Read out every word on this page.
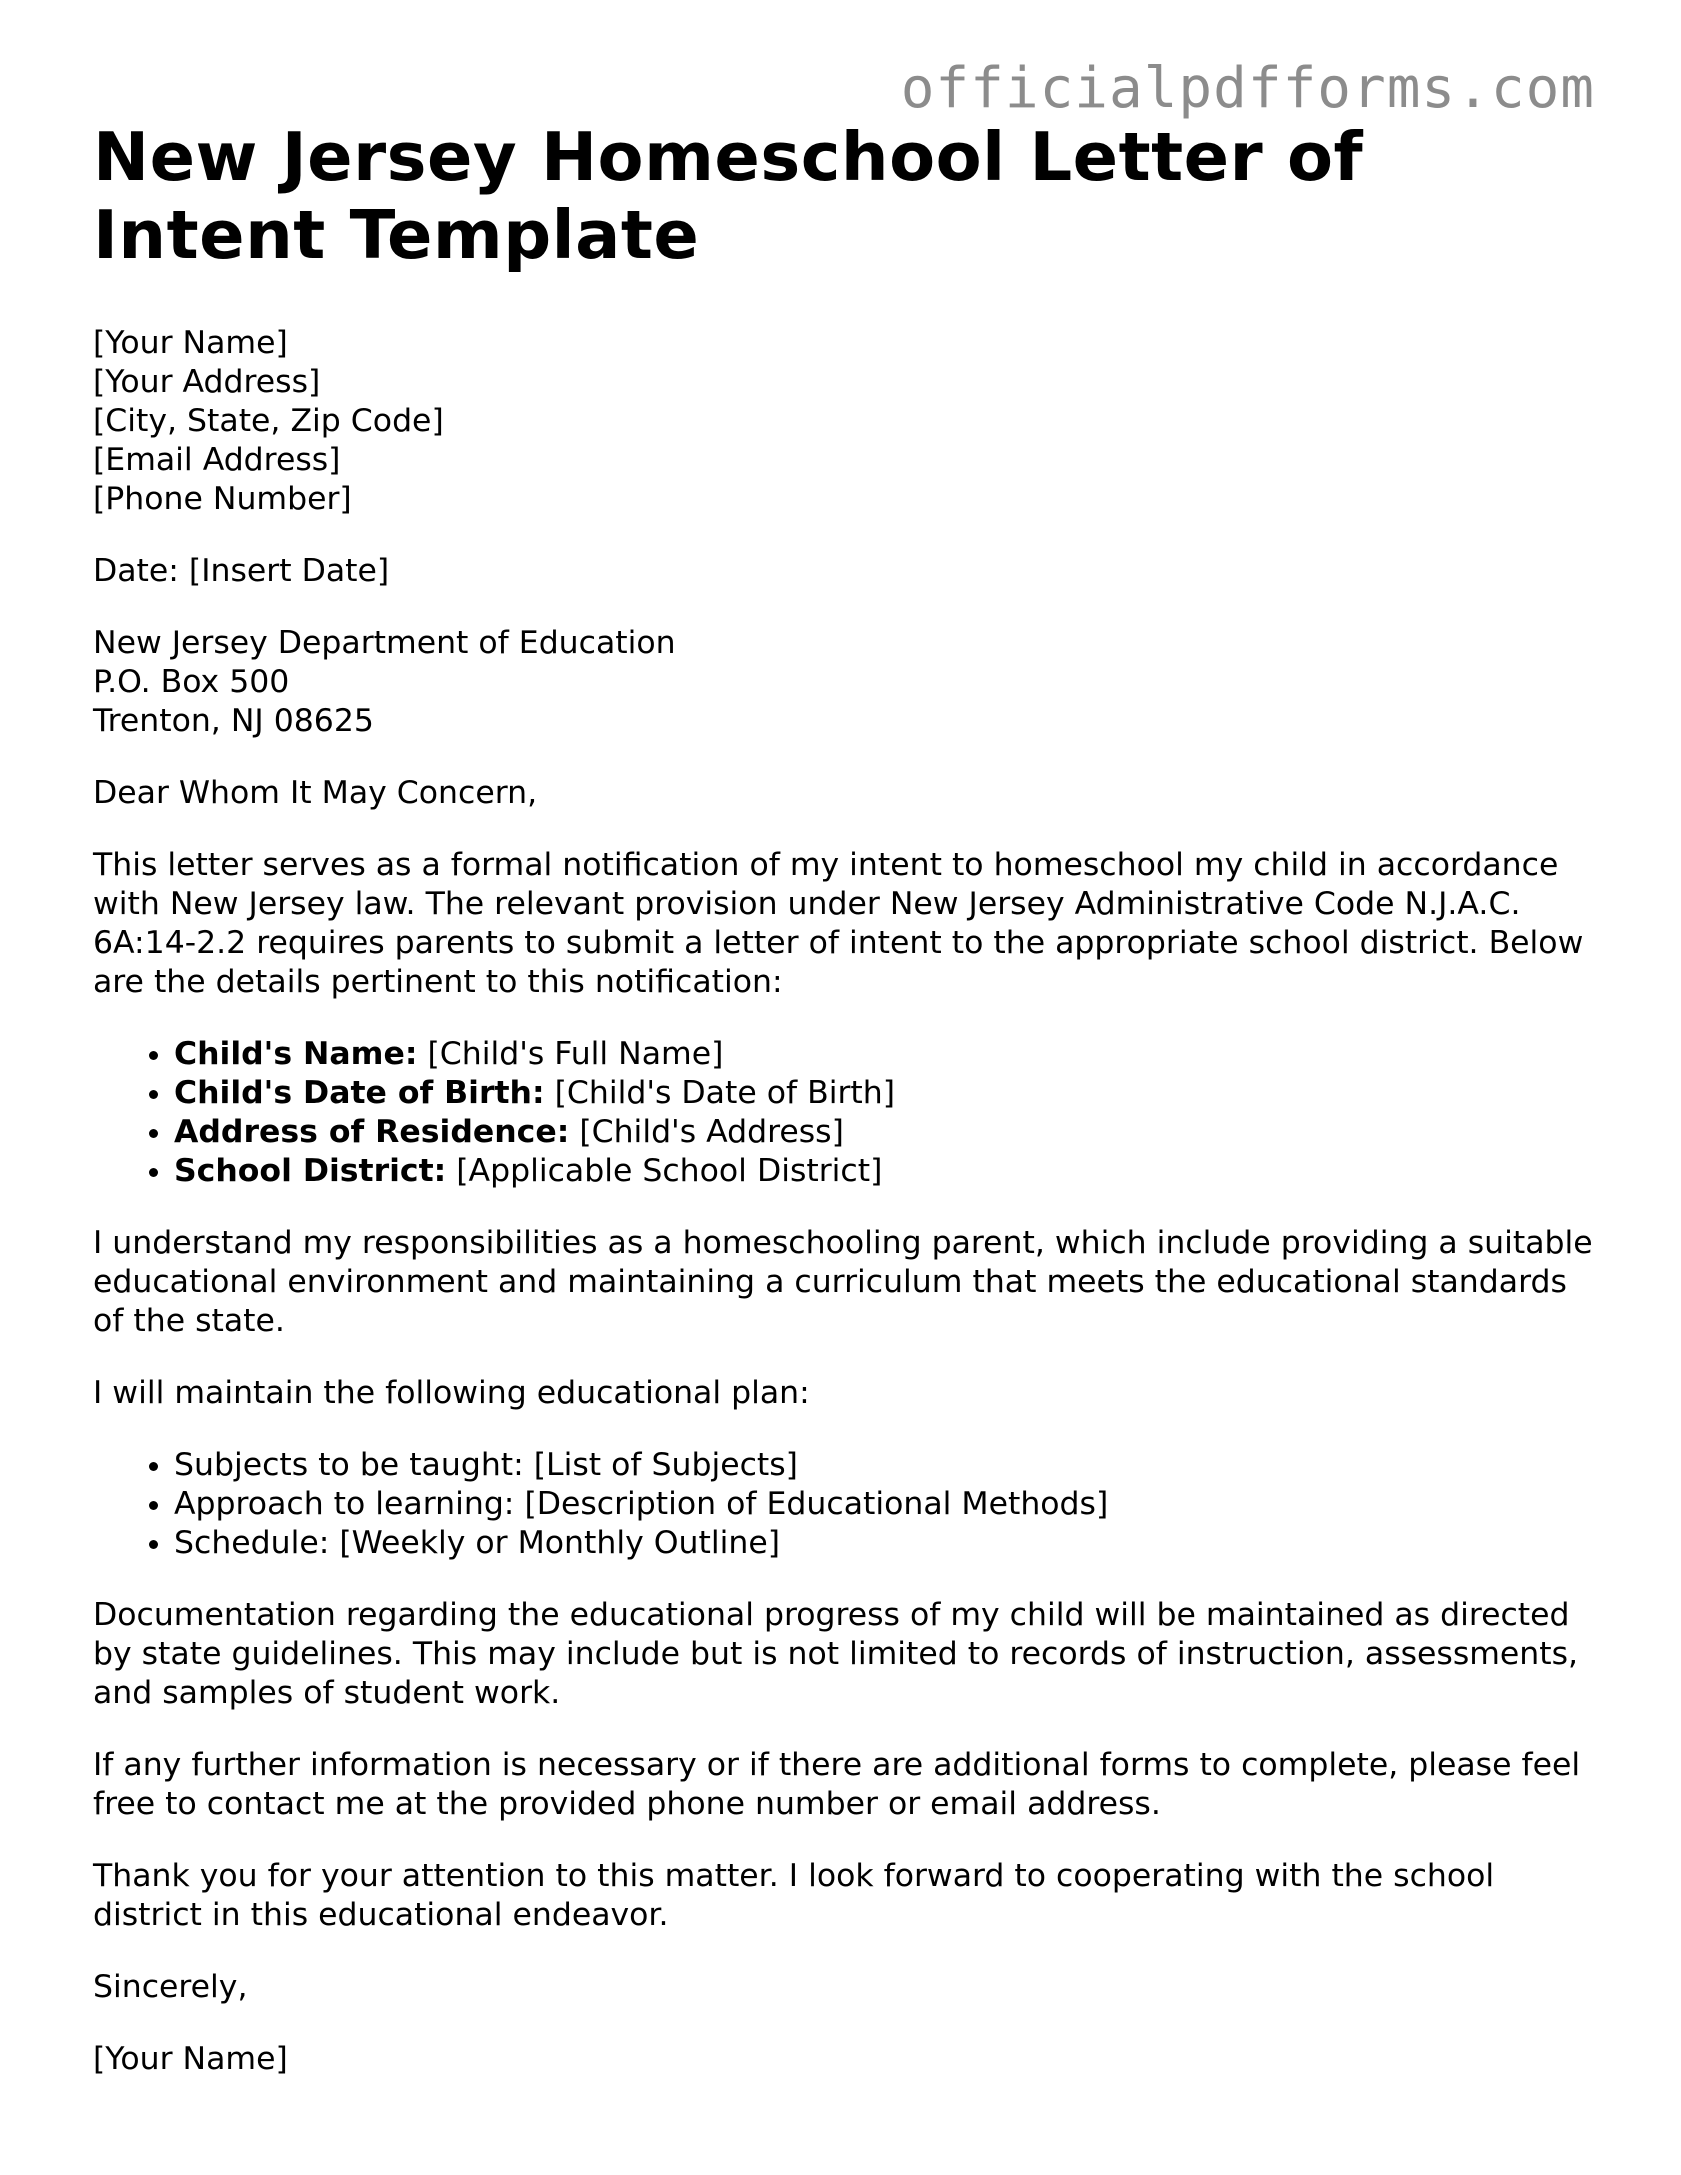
officialpdfforms.com
New Jersey Homeschool Letter of Intent Template
[Your Name]
[Your Address]
[City, State, Zip Code]
[Email Address]
[Phone Number]
Date: [Insert Date]
New Jersey Department of Education
P.O. Box 500
Trenton, NJ 08625
Dear Whom It May Concern,

This letter serves as a formal notification of my intent to homeschool my child in accordance with New Jersey law. The relevant provision under New Jersey Administrative Code N.J.A.C. 6A:14-2.2 requires parents to submit a letter of intent to the appropriate school district. Below are the details pertinent to this notification:

• Child's Name: [Child's Full Name]
• Child's Date of Birth: [Child's Date of Birth]
• Address of Residence: [Child's Address]
• School District: [Applicable School District]

I understand my responsibilities as a homeschooling parent, which include providing a suitable educational environment and maintaining a curriculum that meets the educational standards of the state.

I will maintain the following educational plan:

• Subjects to be taught: [List of Subjects]
• Approach to learning: [Description of Educational Methods]
• Schedule: [Weekly or Monthly Outline]

Documentation regarding the educational progress of my child will be maintained as directed by state guidelines. This may include but is not limited to records of instruction, assessments, and samples of student work.

If any further information is necessary or if there are additional forms to complete, please feel free to contact me at the provided phone number or email address.

Thank you for your attention to this matter. I look forward to cooperating with the school district in this educational endeavor.

Sincerely,

[Your Name]
